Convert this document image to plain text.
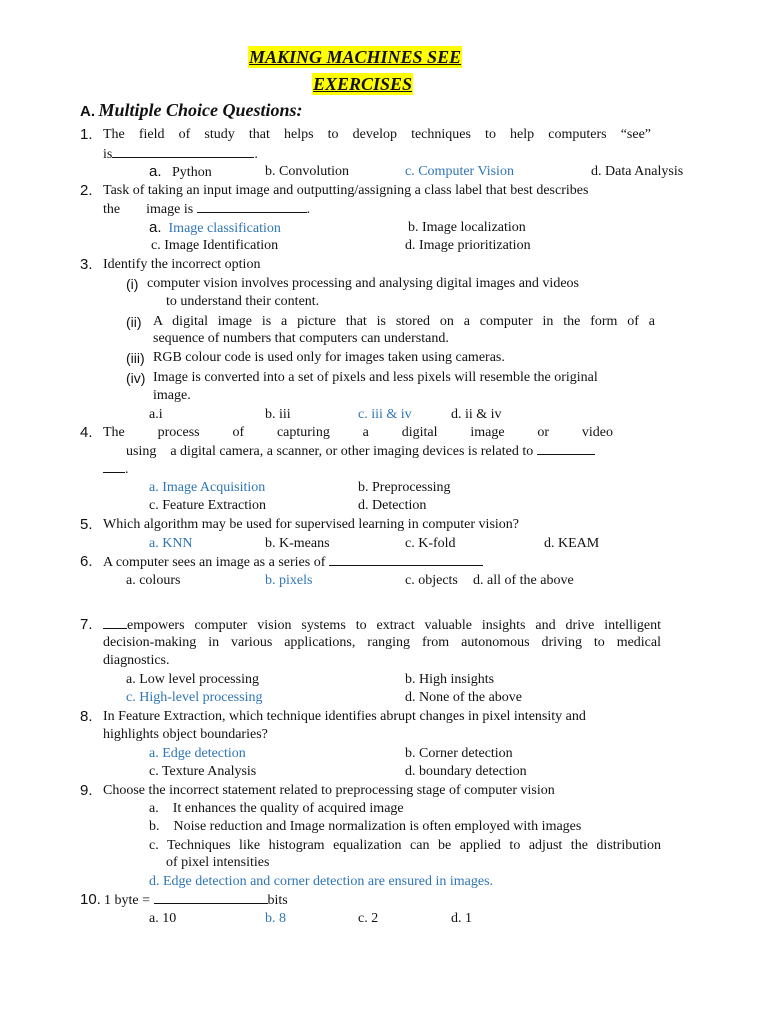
MAKING MACHINES SEE
EXERCISES
A. Multiple Choice Questions:
1. The field of study that helps to develop techniques to help computers “see”
is	.
a. Python	b. Convolution	c. Computer Vision	d. Data Analysis
2. Task of taking an input image and outputting/assigning a class label that best describes
the image is	.
a. Image classification	b. Image localization
c. Image Identification	d. Image prioritization
3. Identify the incorrect option
(i) computer vision involves processing and analysing digital images and videos
to understand their content.
(ii) A digital image is a picture that is stored on a computer in the form of a
sequence of numbers that computers can understand.
(iii) RGB colour code is used only for images taken using cameras.
(iv) Image is converted into a set of pixels and less pixels will resemble the original
image.
a.i	b. iii	c. iii & iv	d. ii & iv
4. The process of capturing a digital image or video
using a digital camera, a scanner, or other imaging devices is related to
.
a. Image Acquisition	b. Preprocessing
c. Feature Extraction	d. Detection
5. Which algorithm may be used for supervised learning in computer vision?
a. KNN	b. K-means	c. K-fold	d. KEAM
6. A computer sees an image as a series of
a. colours	b. pixels	c. objects d. all of the above
7.	empowers computer vision systems to extract valuable insights and drive intelligent
decision-making in various applications, ranging from autonomous driving to medical
diagnostics.
a. Low level processing	b. High insights
c. High-level processing	d. None of the above
8. In Feature Extraction, which technique identifies abrupt changes in pixel intensity and
highlights object boundaries?
a. Edge detection	b. Corner detection
c. Texture Analysis	d. boundary detection
9. Choose the incorrect statement related to preprocessing stage of computer vision
a. It enhances the quality of acquired image
b. Noise reduction and Image normalization is often employed with images
c. Techniques like histogram equalization can be applied to adjust the distribution
of pixel intensities
d. Edge detection and corner detection are ensured in images.
10. 1 byte =	bits
a. 10	b. 8	c. 2	d. 1
